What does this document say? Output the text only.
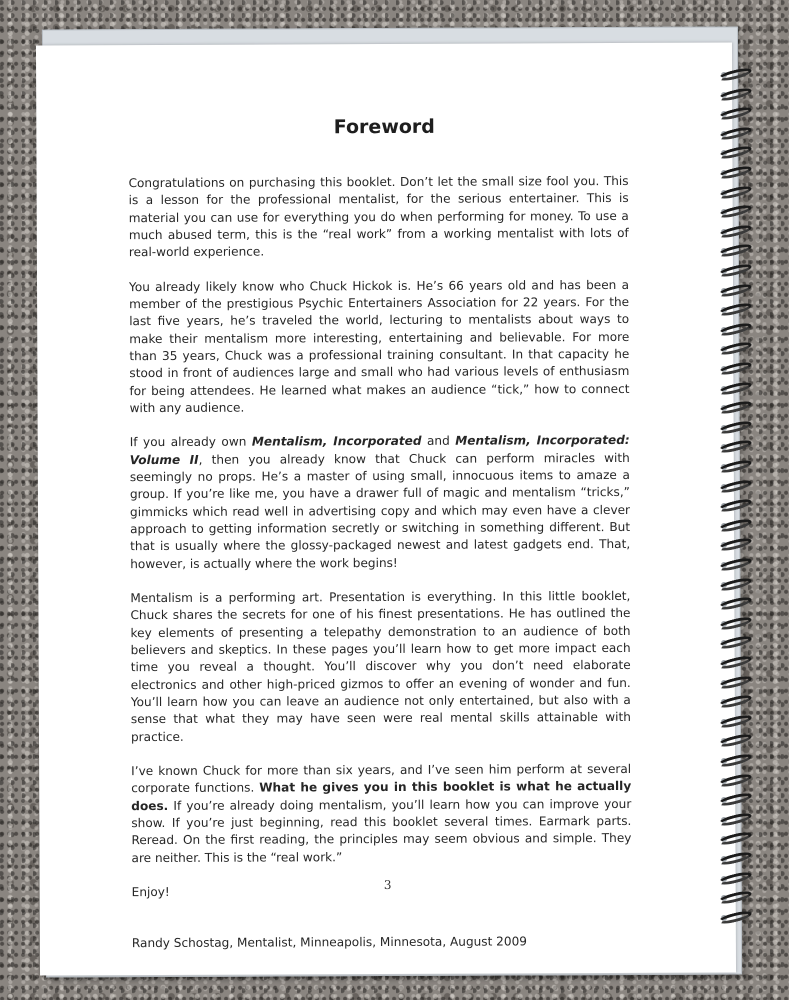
Foreword

Congratulations on purchasing this booklet. Don’t let the small size fool you. This is a lesson for the professional mentalist, for the serious entertainer. This is material you can use for everything you do when performing for money. To use a much abused term, this is the “real work” from a working mentalist with lots of real-world experience.

You already likely know who Chuck Hickok is. He’s 66 years old and has been a member of the prestigious Psychic Entertainers Association for 22 years. For the last five years, he’s traveled the world, lecturing to mentalists about ways to make their mentalism more interesting, entertaining and believable. For more than 35 years, Chuck was a professional training consultant. In that capacity he stood in front of audiences large and small who had various levels of enthusiasm for being attendees. He learned what makes an audience “tick,” how to connect with any audience.

If you already own Mentalism, Incorporated and Mentalism, Incorporated: Volume II, then you already know that Chuck can perform miracles with seemingly no props. He’s a master of using small, innocuous items to amaze a group. If you’re like me, you have a drawer full of magic and mentalism “tricks,” gimmicks which read well in advertising copy and which may even have a clever approach to getting information secretly or switching in something different. But that is usually where the glossy-packaged newest and latest gadgets end. That, however, is actually where the work begins!

Mentalism is a performing art. Presentation is everything. In this little booklet, Chuck shares the secrets for one of his finest presentations. He has outlined the key elements of presenting a telepathy demonstration to an audience of both believers and skeptics. In these pages you’ll learn how to get more impact each time you reveal a thought. You’ll discover why you don’t need elaborate electronics and other high-priced gizmos to offer an evening of wonder and fun. You’ll learn how you can leave an audience not only entertained, but also with a sense that what they may have seen were real mental skills attainable with practice.

I’ve known Chuck for more than six years, and I’ve seen him perform at several corporate functions. What he gives you in this booklet is what he actually does. If you’re already doing mentalism, you’ll learn how you can improve your show. If you’re just beginning, read this booklet several times. Earmark parts. Reread. On the first reading, the principles may seem obvious and simple. They are neither. This is the “real work.”

Enjoy!

Randy Schostag, Mentalist, Minneapolis, Minnesota, August 2009

3
